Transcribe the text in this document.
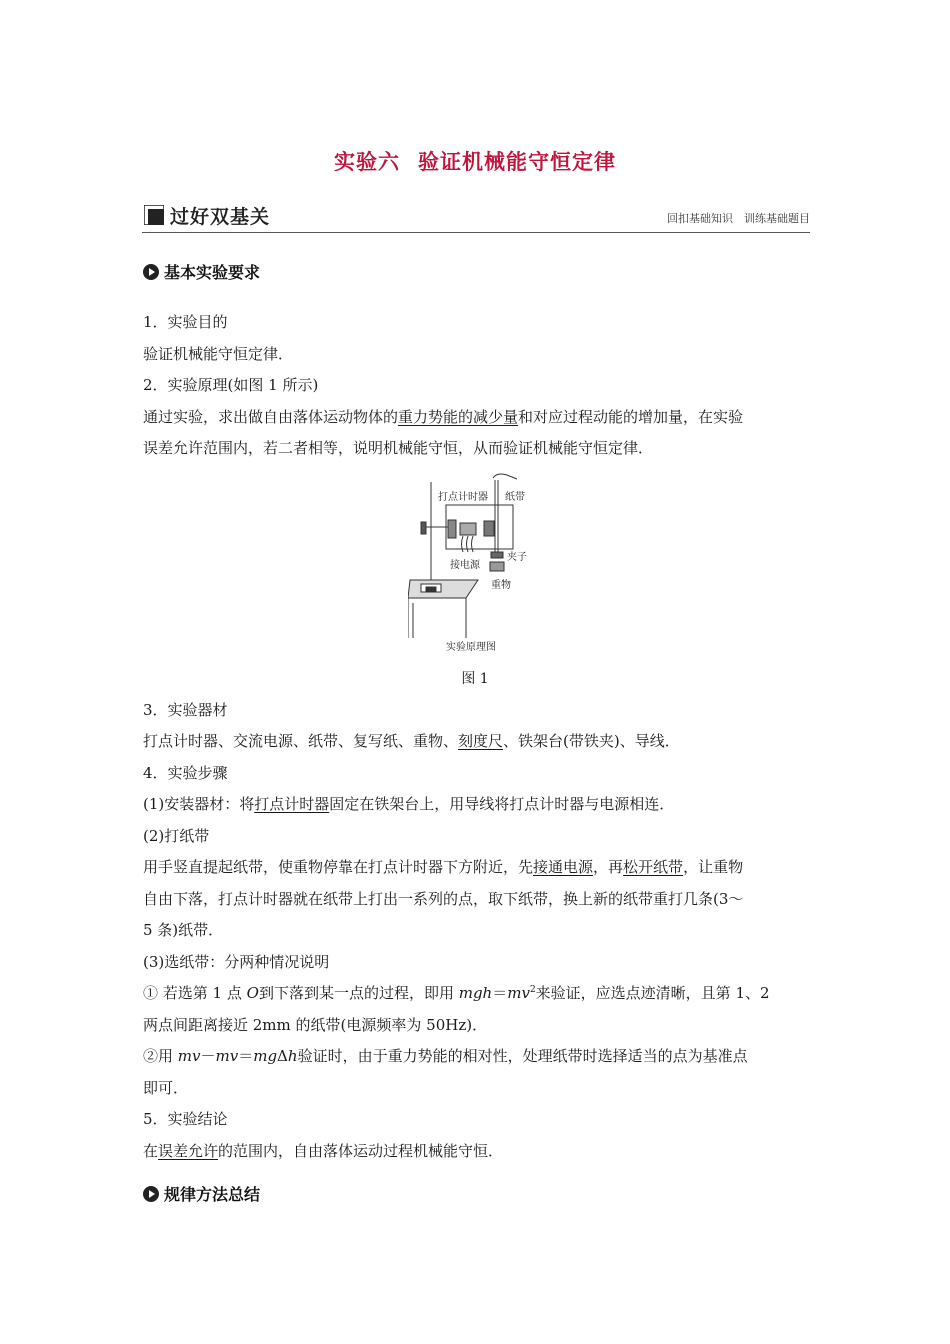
实验六 验证机械能守恒定律
过好双基关	回扣基础知识　训练基础题目
基本实验要求
1．实验目的
验证机械能守恒定律．
2．实验原理(如图 1 所示)
通过实验，求出做自由落体运动物体的重力势能的减少量和对应过程动能的增加量，在实验
误差允许范围内，若二者相等，说明机械能守恒，从而验证机械能守恒定律．
打点计时器 纸带
夹子
接电源
重物
实验原理图
图 1
3．实验器材
打点计时器、交流电源、纸带、复写纸、重物、刻度尺、铁架台(带铁夹)、导线．
4．实验步骤
(1)安装器材：将打点计时器固定在铁架台上，用导线将打点计时器与电源相连．
(2)打纸带
用手竖直提起纸带，使重物停靠在打点计时器下方附近，先接通电源，再松开纸带，让重物
自由下落，打点计时器就在纸带上打出一系列的点，取下纸带，换上新的纸带重打几条(3～
5 条)纸带．
(3)选纸带：分两种情况说明
① 若选第 1 点 O到下落到某一点的过程，即用 $mgh=mv^2$来验证，应选点迹清晰，且第 1、2
两点间距离接近 2mm 的纸带(电源频率为 50Hz)．
②用 mv－mv＝mgΔh验证时，由于重力势能的相对性，处理纸带时选择适当的点为基准点
即可．
5．实验结论
在误差允许的范围内，自由落体运动过程机械能守恒．
规律方法总结
